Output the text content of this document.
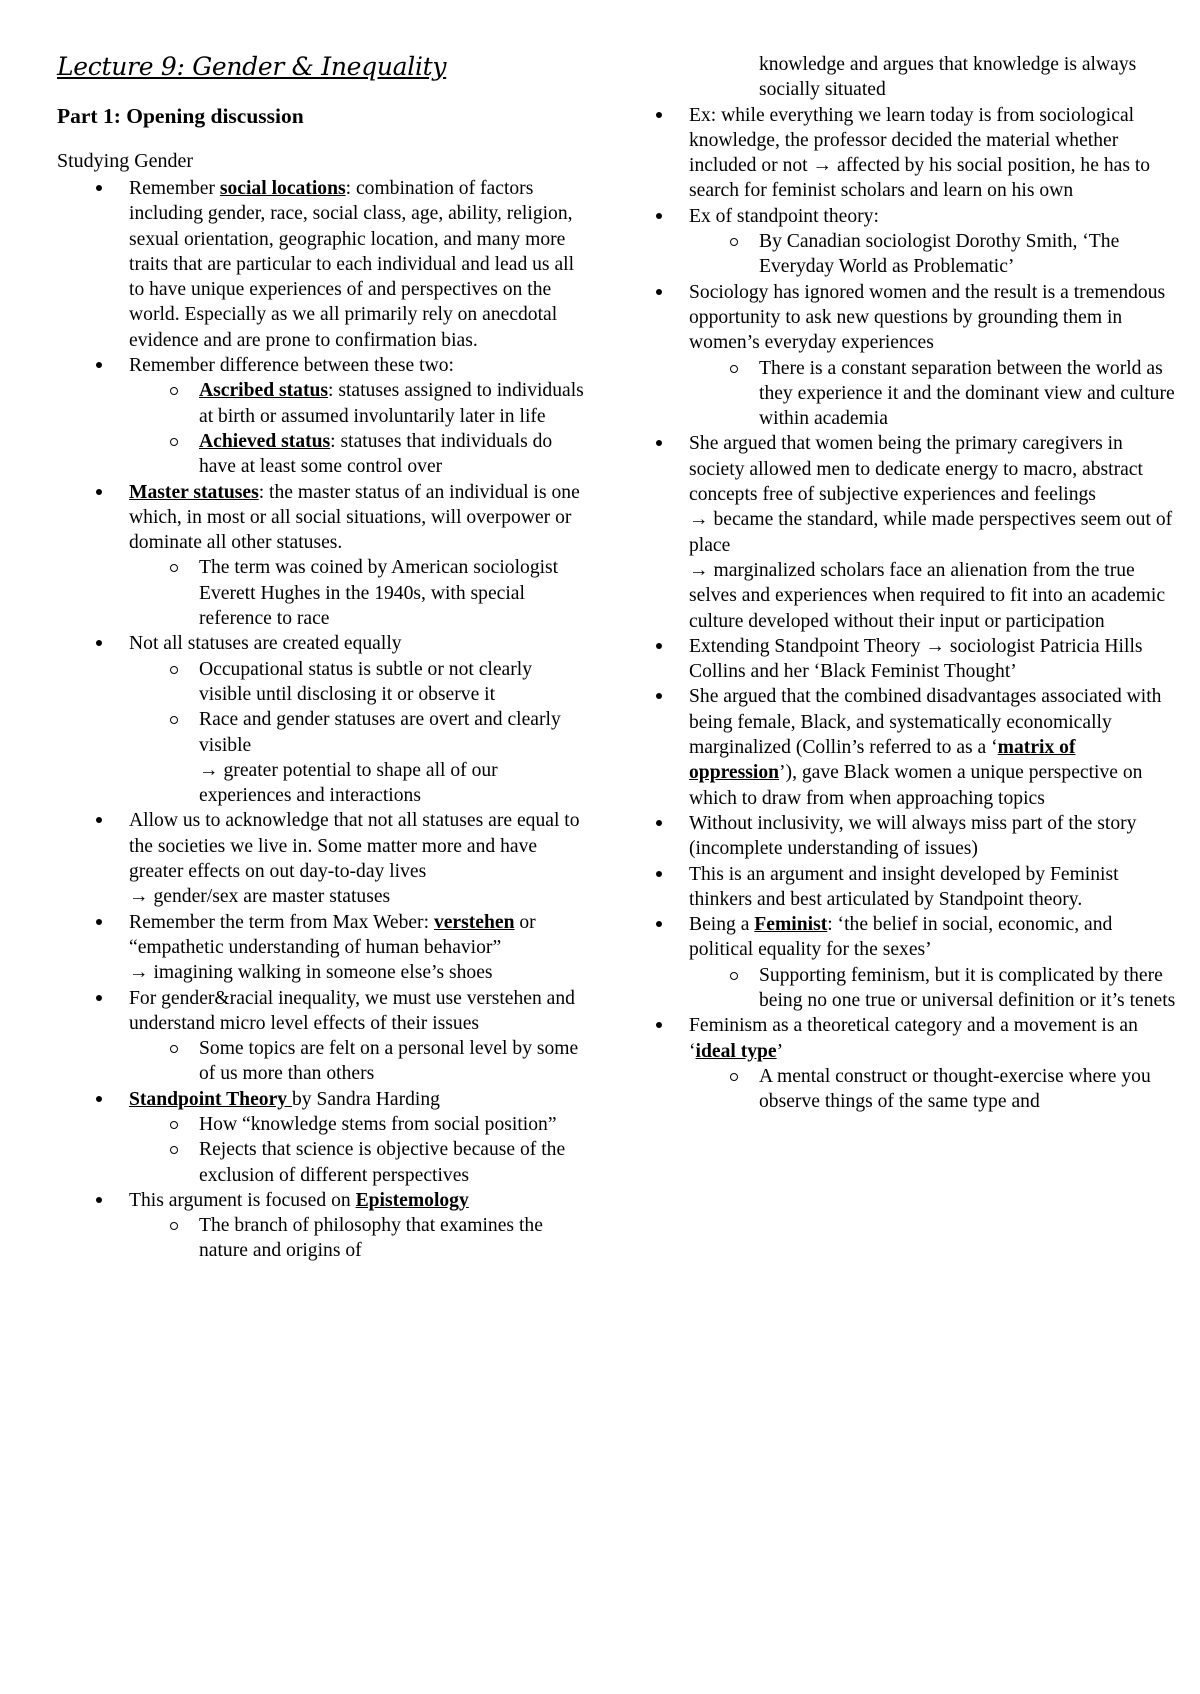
Lecture 9: Gender & Inequality
Part 1: Opening discussion
Studying Gender
Remember social locations: combination of factors including gender, race, social class, age, ability, religion, sexual orientation, geographic location, and many more traits that are particular to each individual and lead us all to have unique experiences of and perspectives on the world. Especially as we all primarily rely on anecdotal evidence and are prone to confirmation bias.
Remember difference between these two:
Ascribed status: statuses assigned to individuals at birth or assumed involuntarily later in life
Achieved status: statuses that individuals do have at least some control over
Master statuses: the master status of an individual is one which, in most or all social situations, will overpower or dominate all other statuses.
The term was coined by American sociologist Everett Hughes in the 1940s, with special reference to race
Not all statuses are created equally
Occupational status is subtle or not clearly visible until disclosing it or observe it
Race and gender statuses are overt and clearly visible
→ greater potential to shape all of our experiences and interactions
Allow us to acknowledge that not all statuses are equal to the societies we live in. Some matter more and have greater effects on out day-to-day lives
→ gender/sex are master statuses
Remember the term from Max Weber: verstehen or “empathetic understanding of human behavior”
→ imagining walking in someone else’s shoes
For gender&racial inequality, we must use verstehen and understand micro level effects of their issues
Some topics are felt on a personal level by some of us more than others
Standpoint Theory by Sandra Harding
How “knowledge stems from social position”
Rejects that science is objective because of the exclusion of different perspectives
This argument is focused on Epistemology
The branch of philosophy that examines the nature and origins of
knowledge and argues that knowledge is always socially situated
Ex: while everything we learn today is from sociological knowledge, the professor decided the material whether included or not → affected by his social position, he has to search for feminist scholars and learn on his own
Ex of standpoint theory:
By Canadian sociologist Dorothy Smith, ‘The Everyday World as Problematic’
Sociology has ignored women and the result is a tremendous opportunity to ask new questions by grounding them in women’s everyday experiences
There is a constant separation between the world as they experience it and the dominant view and culture within academia
She argued that women being the primary caregivers in society allowed men to dedicate energy to macro, abstract concepts free of subjective experiences and feelings
→ became the standard, while made perspectives seem out of place
→ marginalized scholars face an alienation from the true selves and experiences when required to fit into an academic culture developed without their input or participation
Extending Standpoint Theory → sociologist Patricia Hills Collins and her ‘Black Feminist Thought’
She argued that the combined disadvantages associated with being female, Black, and systematically economically marginalized (Collin’s referred to as a ‘matrix of oppression’), gave Black women a unique perspective on which to draw from when approaching topics
Without inclusivity, we will always miss part of the story (incomplete understanding of issues)
This is an argument and insight developed by Feminist thinkers and best articulated by Standpoint theory.
Being a Feminist: ‘the belief in social, economic, and political equality for the sexes’
Supporting feminism, but it is complicated by there being no one true or universal definition or it’s tenets
Feminism as a theoretical category and a movement is an ‘ideal type’
A mental construct or thought-exercise where you observe things of the same type and
